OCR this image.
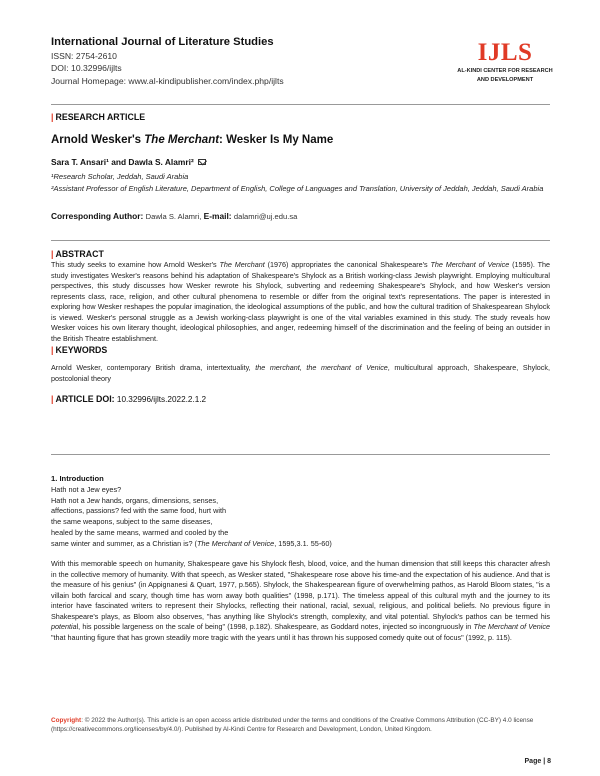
International Journal of Literature Studies
ISSN: 2754-2610
DOI: 10.32996/ijlts
Journal Homepage: www.al-kindipublisher.com/index.php/ijlts
IJLS
AL-KINDI CENTER FOR RESEARCH
AND DEVELOPMENT
| RESEARCH ARTICLE
Arnold Wesker's The Merchant: Wesker Is My Name
Sara T. Ansari¹ and Dawla S. Alamri²
¹Research Scholar, Jeddah, Saudi Arabia
²Assistant Professor of English Literature, Department of English, College of Languages and Translation, University of Jeddah, Jeddah, Saudi Arabia
Corresponding Author: Dawla S. Alamri, E-mail: dalamri@uj.edu.sa
| ABSTRACT
This study seeks to examine how Arnold Wesker's The Merchant (1976) appropriates the canonical Shakespeare's The Merchant of Venice (1595). The study investigates Wesker's reasons behind his adaptation of Shakespeare's Shylock as a British working-class Jewish playwright. Employing multicultural perspectives, this study discusses how Wesker rewrote his Shylock, subverting and redeeming Shakespeare's Shylock, and how Wesker's version represents class, race, religion, and other cultural phenomena to resemble or differ from the original text's representations. The paper is interested in exploring how Wesker reshapes the popular imagination, the ideological assumptions of the public, and how the cultural tradition of Shakespearean Shylock is viewed. Wesker's personal struggle as a Jewish working-class playwright is one of the vital variables examined in this study. The study reveals how Wesker voices his own literary thought, ideological philosophies, and anger, redeeming himself of the discrimination and the feeling of being an outsider in the British Theatre establishment.
| KEYWORDS
Arnold Wesker, contemporary British drama, intertextuality, the merchant, the merchant of Venice, multicultural approach, Shakespeare, Shylock, postcolonial theory
| ARTICLE DOI: 10.32996/ijlts.2022.2.1.2
1. Introduction
Hath not a Jew eyes?
Hath not a Jew hands, organs, dimensions, senses,
affections, passions? fed with the same food, hurt with
the same weapons, subject to the same diseases,
healed by the same means, warmed and cooled by the
same winter and summer, as a Christian is? (The Merchant of Venice, 1595,3.1. 55-60)
With this memorable speech on humanity, Shakespeare gave his Shylock flesh, blood, voice, and the human dimension that still keeps this character afresh in the collective memory of humanity. With that speech, as Wesker stated, "Shakespeare rose above his time-and the expectation of his audience. And that is the measure of his genius" (in Appignanesi & Quart, 1977, p.565). Shylock, the Shakespearean figure of overwhelming pathos, as Harold Bloom states, "is a villain both farcical and scary, though time has worn away both qualities" (1998, p.171). The timeless appeal of this cultural myth and the journey to its interior have fascinated writers to represent their Shylocks, reflecting their national, racial, sexual, religious, and political beliefs. No previous figure in Shakespeare's plays, as Bloom also observes, "has anything like Shylock's strength, complexity, and vital potential. Shylock's pathos can be termed his potential, his possible largeness on the scale of being" (1998, p.182). Shakespeare, as Goddard notes, injected so incongruously in The Merchant of Venice "that haunting figure that has grown steadily more tragic with the years until it has thrown his supposed comedy quite out of focus" (1992, p. 115).
Copyright: © 2022 the Author(s). This article is an open access article distributed under the terms and conditions of the Creative Commons Attribution (CC-BY) 4.0 license (https://creativecommons.org/licenses/by/4.0/). Published by Al-Kindi Centre for Research and Development, London, United Kingdom.
Page | 8
